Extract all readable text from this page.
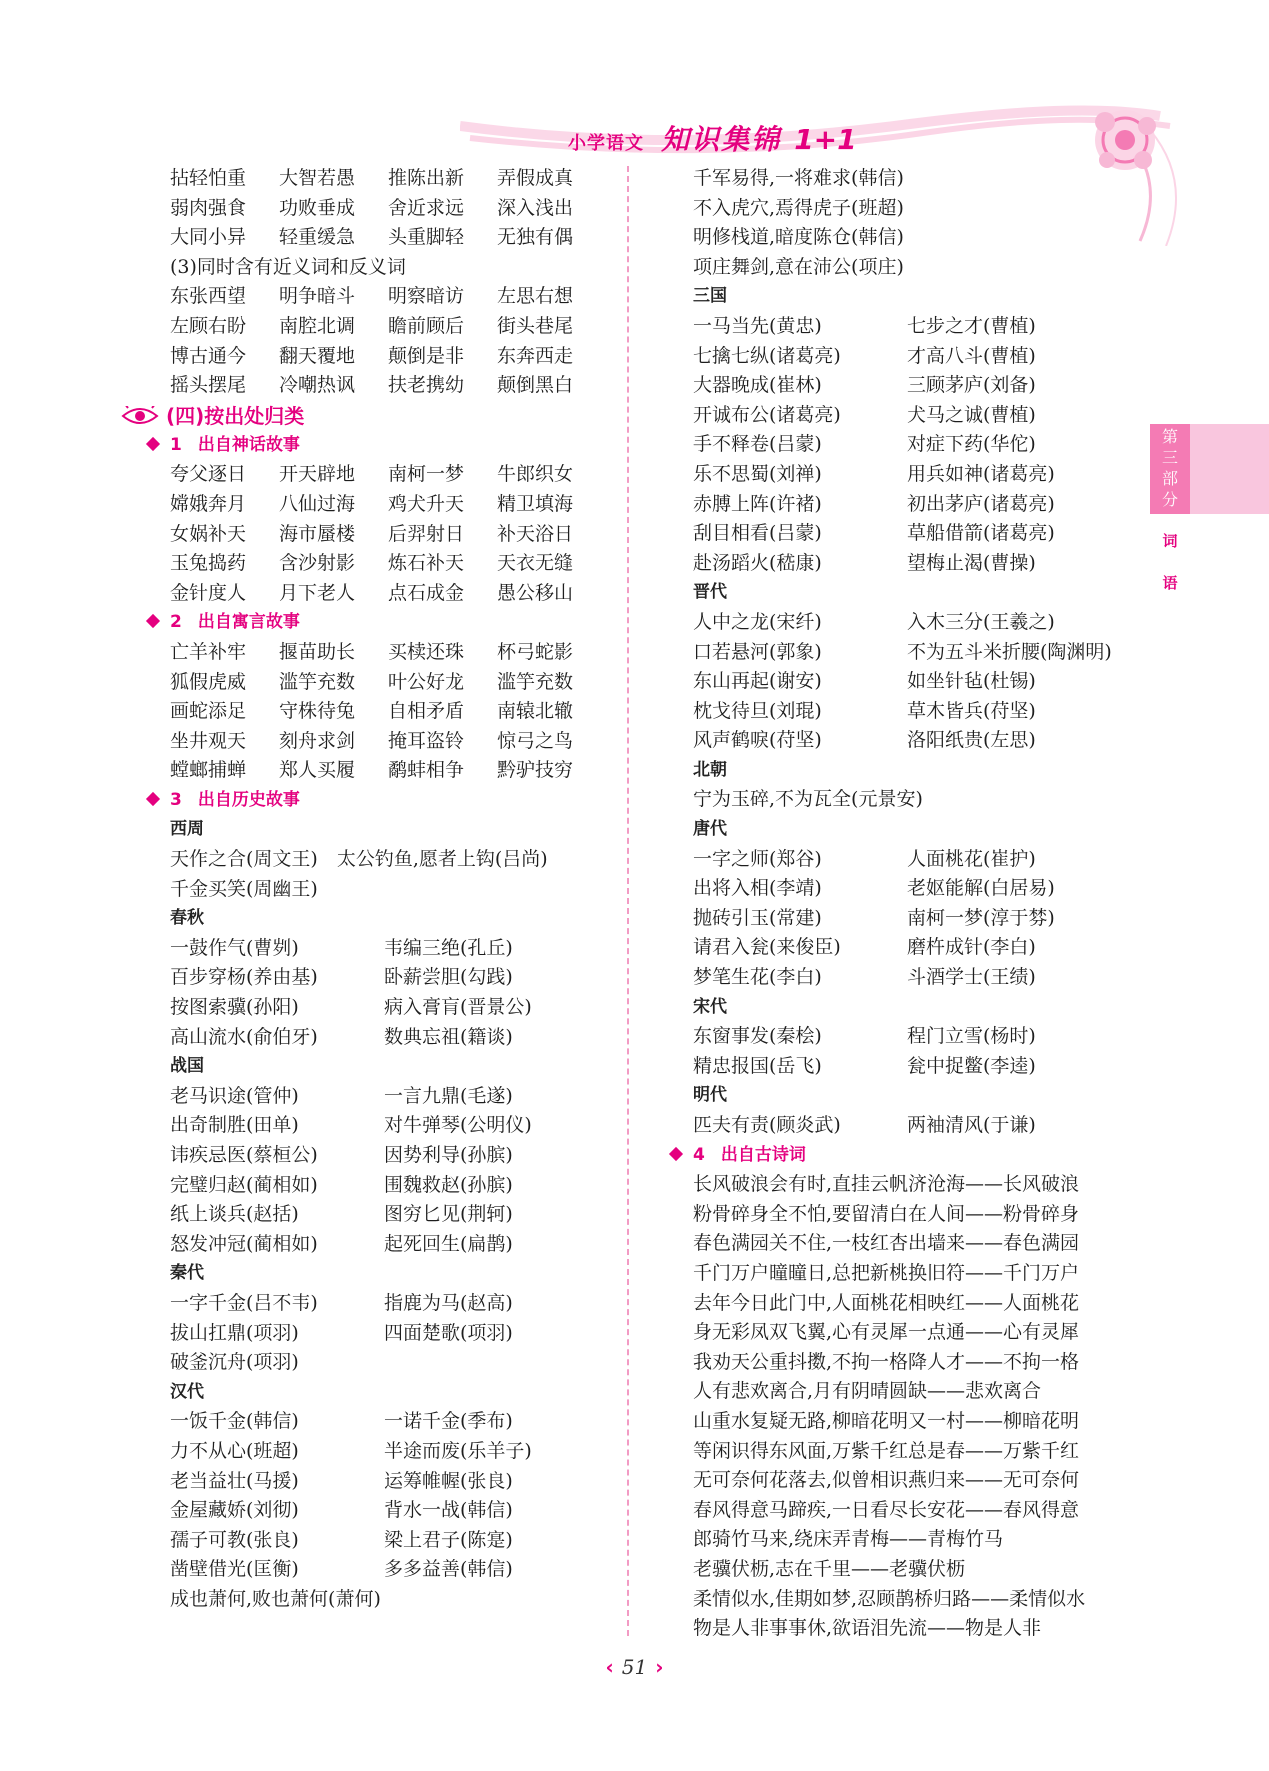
小学语文 知识集锦 1+1
拈轻怕重	大智若愚	推陈出新	弄假成真
弱肉强食	功败垂成	舍近求远	深入浅出
大同小异	轻重缓急	头重脚轻	无独有偶
(3)同时含有近义词和反义词
东张西望	明争暗斗	明察暗访	左思右想
左顾右盼	南腔北调	瞻前顾后	街头巷尾
博古通今	翻天覆地	颠倒是非	东奔西走
摇头摆尾	冷嘲热讽	扶老携幼	颠倒黑白
(四)按出处归类
1 出自神话故事
夸父逐日	开天辟地	南柯一梦	牛郎织女
嫦娥奔月	八仙过海	鸡犬升天	精卫填海
女娲补天	海市蜃楼	后羿射日	补天浴日
玉兔捣药	含沙射影	炼石补天	天衣无缝
金针度人	月下老人	点石成金	愚公移山
2 出自寓言故事
亡羊补牢	揠苗助长	买椟还珠	杯弓蛇影
狐假虎威	滥竽充数	叶公好龙	滥竽充数
画蛇添足	守株待兔	自相矛盾	南辕北辙
坐井观天	刻舟求剑	掩耳盗铃	惊弓之鸟
螳螂捕蝉	郑人买履	鹬蚌相争	黔驴技穷
3 出自历史故事
西周
天作之合(周文王)　太公钓鱼,愿者上钩(吕尚)
千金买笑(周幽王)
春秋
一鼓作气(曹刿)	韦编三绝(孔丘)
百步穿杨(养由基)	卧薪尝胆(勾践)
按图索骥(孙阳)	病入膏肓(晋景公)
高山流水(俞伯牙)	数典忘祖(籍谈)
战国
老马识途(管仲)	一言九鼎(毛遂)
出奇制胜(田单)	对牛弹琴(公明仪)
讳疾忌医(蔡桓公)	因势利导(孙膑)
完璧归赵(蔺相如)	围魏救赵(孙膑)
纸上谈兵(赵括)	图穷匕见(荆轲)
怒发冲冠(蔺相如)	起死回生(扁鹊)
秦代
一字千金(吕不韦)	指鹿为马(赵高)
拔山扛鼎(项羽)	四面楚歌(项羽)
破釜沉舟(项羽)
汉代
一饭千金(韩信)	一诺千金(季布)
力不从心(班超)	半途而废(乐羊子)
老当益壮(马援)	运筹帷幄(张良)
金屋藏娇(刘彻)	背水一战(韩信)
孺子可教(张良)	梁上君子(陈寔)
凿壁借光(匡衡)	多多益善(韩信)
成也萧何,败也萧何(萧何)
千军易得,一将难求(韩信)
不入虎穴,焉得虎子(班超)
明修栈道,暗度陈仓(韩信)
项庄舞剑,意在沛公(项庄)
三国
一马当先(黄忠)	七步之才(曹植)
七擒七纵(诸葛亮)	才高八斗(曹植)
大器晚成(崔林)	三顾茅庐(刘备)
开诚布公(诸葛亮)	犬马之诚(曹植)
手不释卷(吕蒙)	对症下药(华佗)
乐不思蜀(刘禅)	用兵如神(诸葛亮)
赤膊上阵(许褚)	初出茅庐(诸葛亮)
刮目相看(吕蒙)	草船借箭(诸葛亮)
赴汤蹈火(嵇康)	望梅止渴(曹操)
晋代
人中之龙(宋纤)	入木三分(王羲之)
口若悬河(郭象)	不为五斗米折腰(陶渊明)
东山再起(谢安)	如坐针毡(杜锡)
枕戈待旦(刘琨)	草木皆兵(苻坚)
风声鹤唳(苻坚)	洛阳纸贵(左思)
北朝
宁为玉碎,不为瓦全(元景安)
唐代
一字之师(郑谷)	人面桃花(崔护)
出将入相(李靖)	老妪能解(白居易)
抛砖引玉(常建)	南柯一梦(淳于棼)
请君入瓮(来俊臣)	磨杵成针(李白)
梦笔生花(李白)	斗酒学士(王绩)
宋代
东窗事发(秦桧)	程门立雪(杨时)
精忠报国(岳飞)	瓮中捉鳖(李逵)
明代
匹夫有责(顾炎武)	两袖清风(于谦)
4 出自古诗词
长风破浪会有时,直挂云帆济沧海——长风破浪
粉骨碎身全不怕,要留清白在人间——粉骨碎身
春色满园关不住,一枝红杏出墙来——春色满园
千门万户曈曈日,总把新桃换旧符——千门万户
去年今日此门中,人面桃花相映红——人面桃花
身无彩凤双飞翼,心有灵犀一点通——心有灵犀
我劝天公重抖擞,不拘一格降人才——不拘一格
人有悲欢离合,月有阴晴圆缺——悲欢离合
山重水复疑无路,柳暗花明又一村——柳暗花明
等闲识得东风面,万紫千红总是春——万紫千红
无可奈何花落去,似曾相识燕归来——无可奈何
春风得意马蹄疾,一日看尽长安花——春风得意
郎骑竹马来,绕床弄青梅——青梅竹马
老骥伏枥,志在千里——老骥伏枥
柔情似水,佳期如梦,忍顾鹊桥归路——柔情似水
物是人非事事休,欲语泪先流——物是人非
第
三
部
分
词
语
‹ 51 ›
